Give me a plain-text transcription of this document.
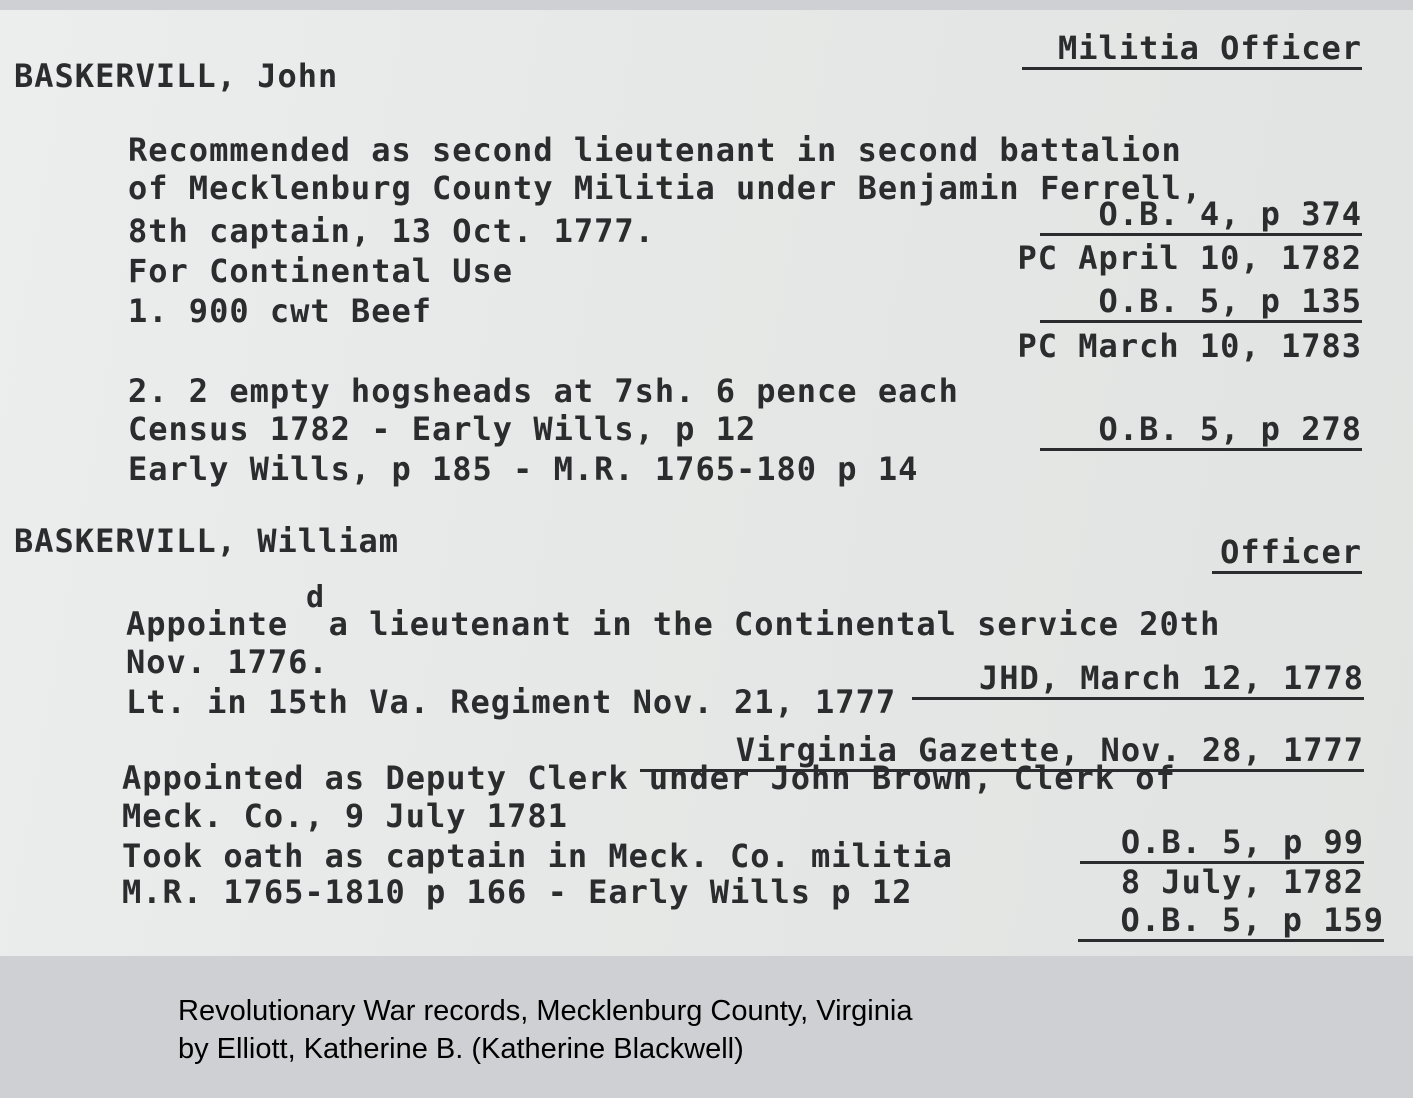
Militia Officer
BASKERVILL, John
Recommended as second lieutenant in second battalion
of Mecklenburg County Militia under Benjamin Ferrell,
8th captain, 13 Oct. 1777.
For Continental Use
1. 900 cwt Beef
2. 2 empty hogsheads at 7sh. 6 pence each
Census 1782 - Early Wills, p 12
Early Wills, p 185 - M.R. 1765-180 p 14
O.B. 4, p 374
PC April 10, 1782
O.B. 5, p 135
PC March 10, 1783
O.B. 5, p 278
BASKERVILL, William	Officer
d
Appointe  a lieutenant in the Continental service 20th
Nov. 1776.
Lt. in 15th Va. Regiment Nov. 21, 1777
Appointed as Deputy Clerk under John Brown, Clerk of
Meck. Co., 9 July 1781
Took oath as captain in Meck. Co. militia
M.R. 1765-1810 p 166 - Early Wills p 12
JHD, March 12, 1778
Virginia Gazette, Nov. 28, 1777
O.B. 5, p 99
8 July, 1782
O.B. 5, p 159
Revolutionary War records, Mecklenburg County, Virginia
by Elliott, Katherine B. (Katherine Blackwell)
